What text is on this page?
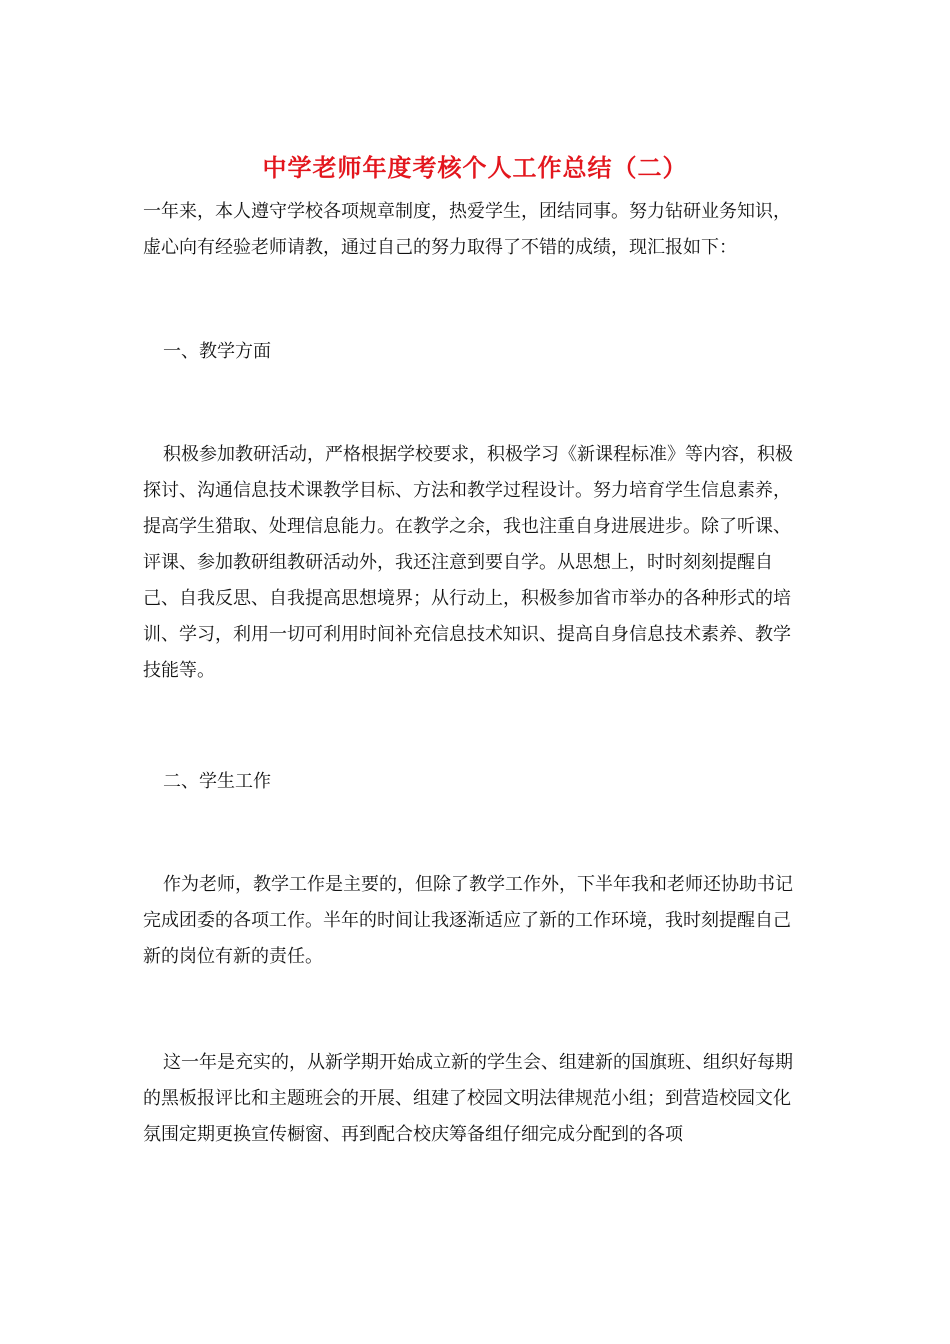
中学老师年度考核个人工作总结（二）

一年来，本人遵守学校各项规章制度，热爱学生，团结同事。努力钻研业务知识，虚心向有经验老师请教，通过自己的努力取得了不错的成绩，现汇报如下：

一、教学方面

积极参加教研活动，严格根据学校要求，积极学习《新课程标准》等内容，积极探讨、沟通信息技术课教学目标、方法和教学过程设计。努力培育学生信息素养，提高学生猎取、处理信息能力。在教学之余，我也注重自身进展进步。除了听课、评课、参加教研组教研活动外，我还注意到要自学。从思想上，时时刻刻提醒自己、自我反思、自我提高思想境界；从行动上，积极参加省市举办的各种形式的培训、学习，利用一切可利用时间补充信息技术知识、提高自身信息技术素养、教学技能等。

二、学生工作

作为老师，教学工作是主要的，但除了教学工作外，下半年我和老师还协助书记完成团委的各项工作。半年的时间让我逐渐适应了新的工作环境，我时刻提醒自己新的岗位有新的责任。

这一年是充实的，从新学期开始成立新的学生会、组建新的国旗班、组织好每期的黑板报评比和主题班会的开展、组建了校园文明法律规范小组；到营造校园文化氛围定期更换宣传橱窗、再到配合校庆筹备组仔细完成分配到的各项
